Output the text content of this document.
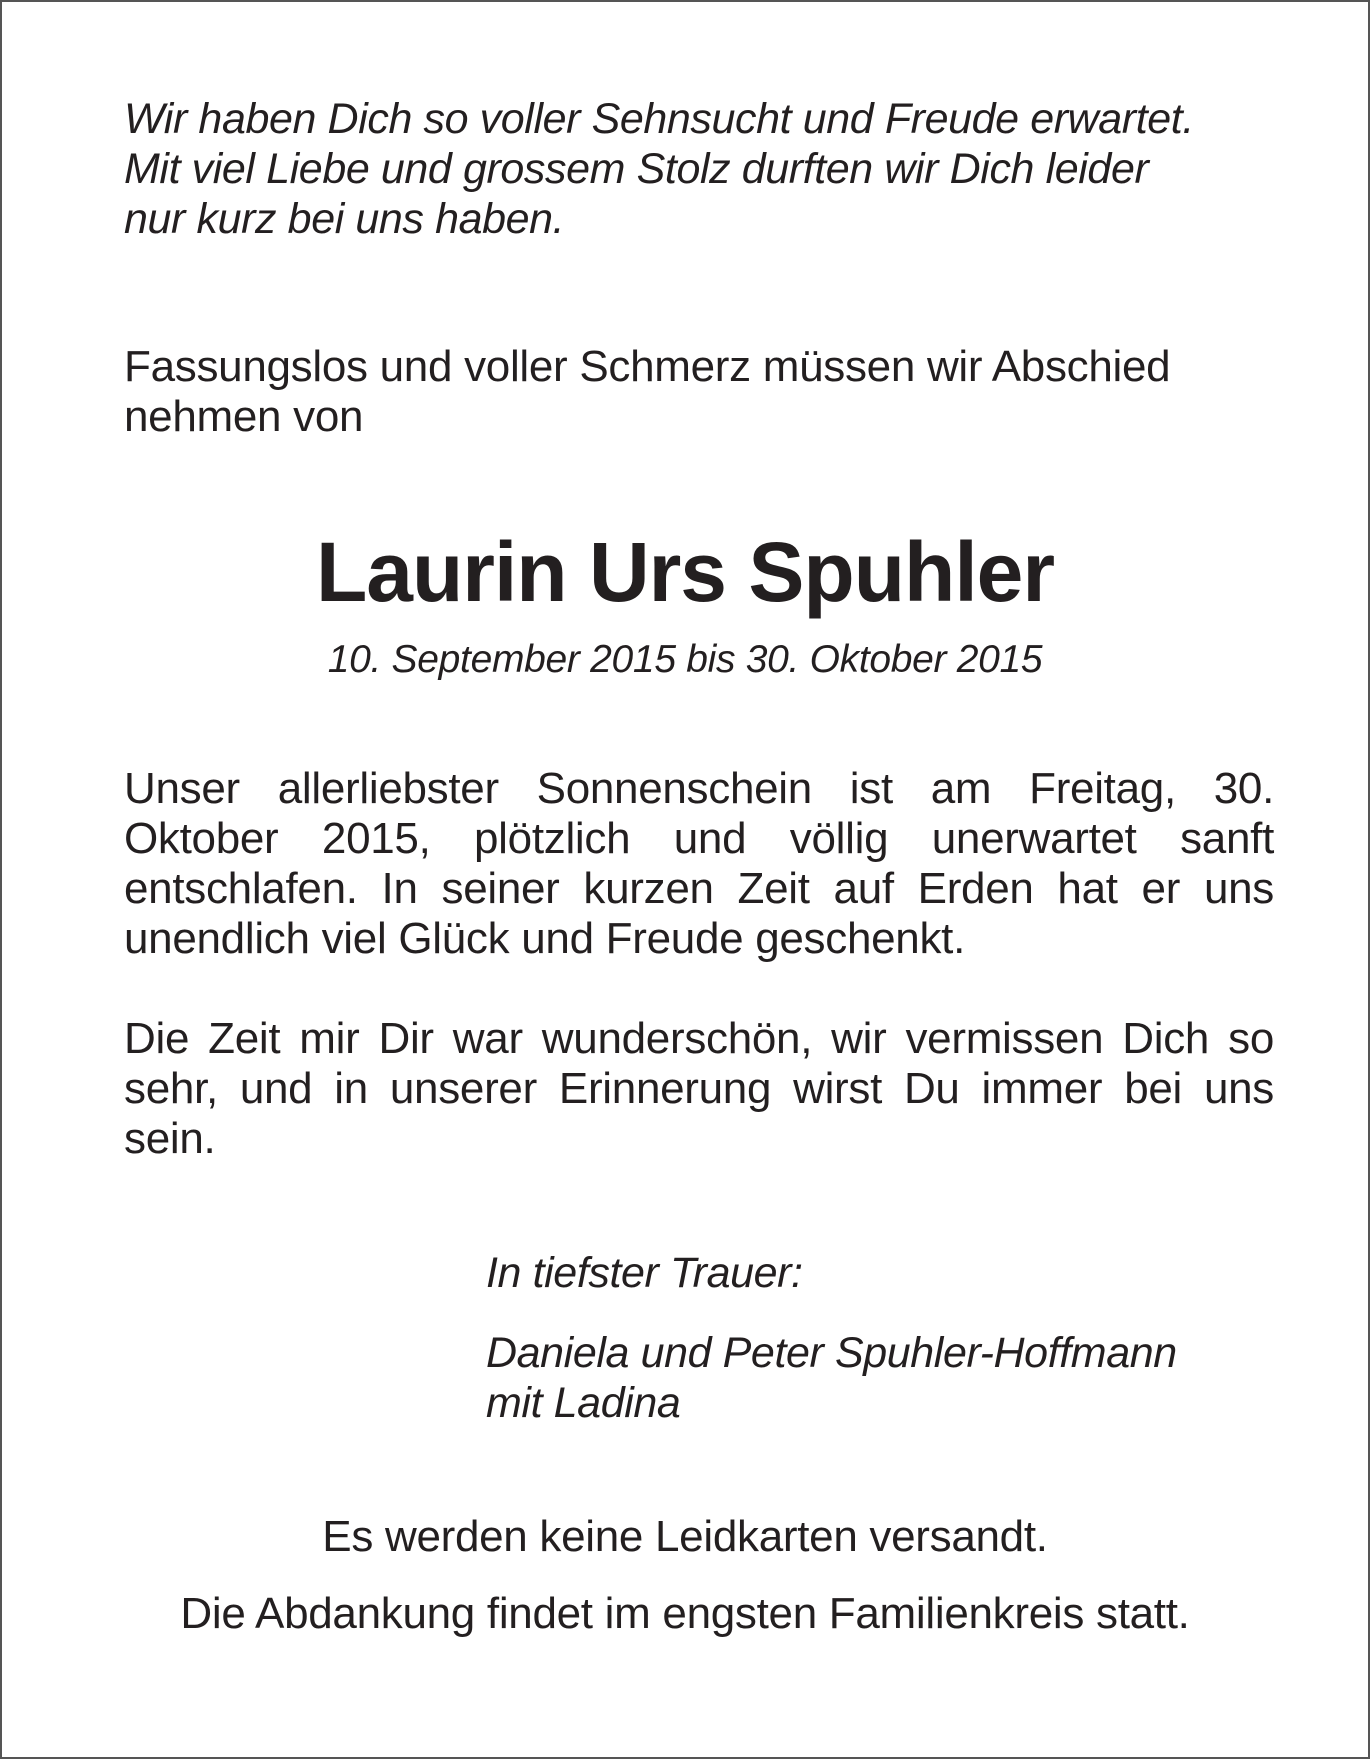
Wir haben Dich so voller Sehnsucht und Freude erwartet.
Mit viel Liebe und grossem Stolz durften wir Dich leider
nur kurz bei uns haben.

Fassungslos und voller Schmerz müssen wir Abschied
nehmen von

Laurin Urs Spuhler

10. September 2015 bis 30. Oktober 2015

Unser allerliebster Sonnenschein ist am Freitag, 30. Oktober 2015, plötzlich und völlig unerwartet sanft entschlafen. In seiner kurzen Zeit auf Erden hat er uns unendlich viel Glück und Freude geschenkt.

Die Zeit mir Dir war wunderschön, wir vermissen Dich so sehr, und in unserer Erinnerung wirst Du immer bei uns sein.

In tiefster Trauer:

Daniela und Peter Spuhler-Hoffmann
mit Ladina

Es werden keine Leidkarten versandt.

Die Abdankung findet im engsten Familienkreis statt.
